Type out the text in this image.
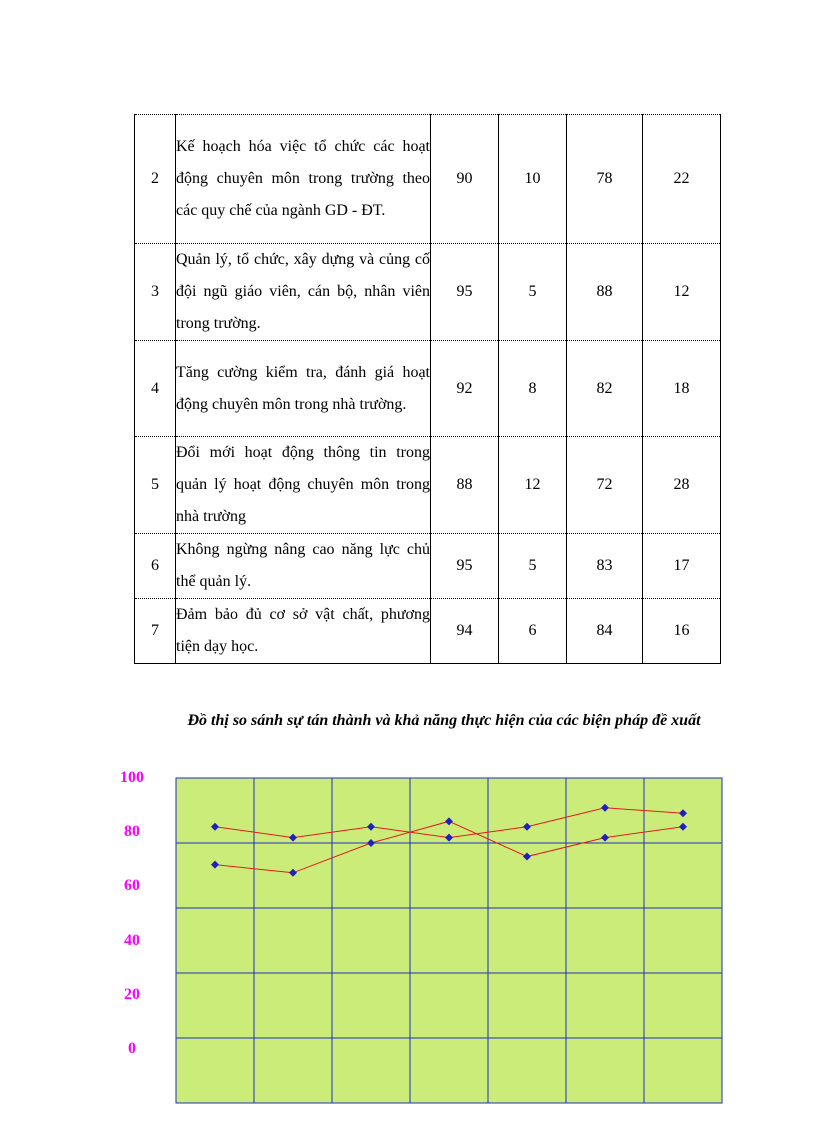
2	Kế hoạch hóa việc tổ chức các hoạt động chuyên môn trong trường theo các quy chế của ngành GD - ĐT.	90	10	78	22
3	Quản lý, tổ chức, xây dựng và củng cố đội ngũ giáo viên, cán bộ, nhân viên trong trường.	95	5	88	12
4	Tăng cường kiểm tra, đánh giá hoạt động chuyên môn trong nhà trường.	92	8	82	18
5	Đổi mới hoạt động thông tin trong quản lý hoạt động chuyên môn trong nhà trường	88	12	72	28
6	Không ngừng nâng cao năng lực chủ thể quản lý.	95	5	83	17
7	Đảm bảo đủ cơ sở vật chất, phương tiện dạy học.	94	6	84	16
Đồ thị so sánh sự tán thành và khả năng thực hiện của các biện pháp đề xuất
100
80
60
40
20
0
